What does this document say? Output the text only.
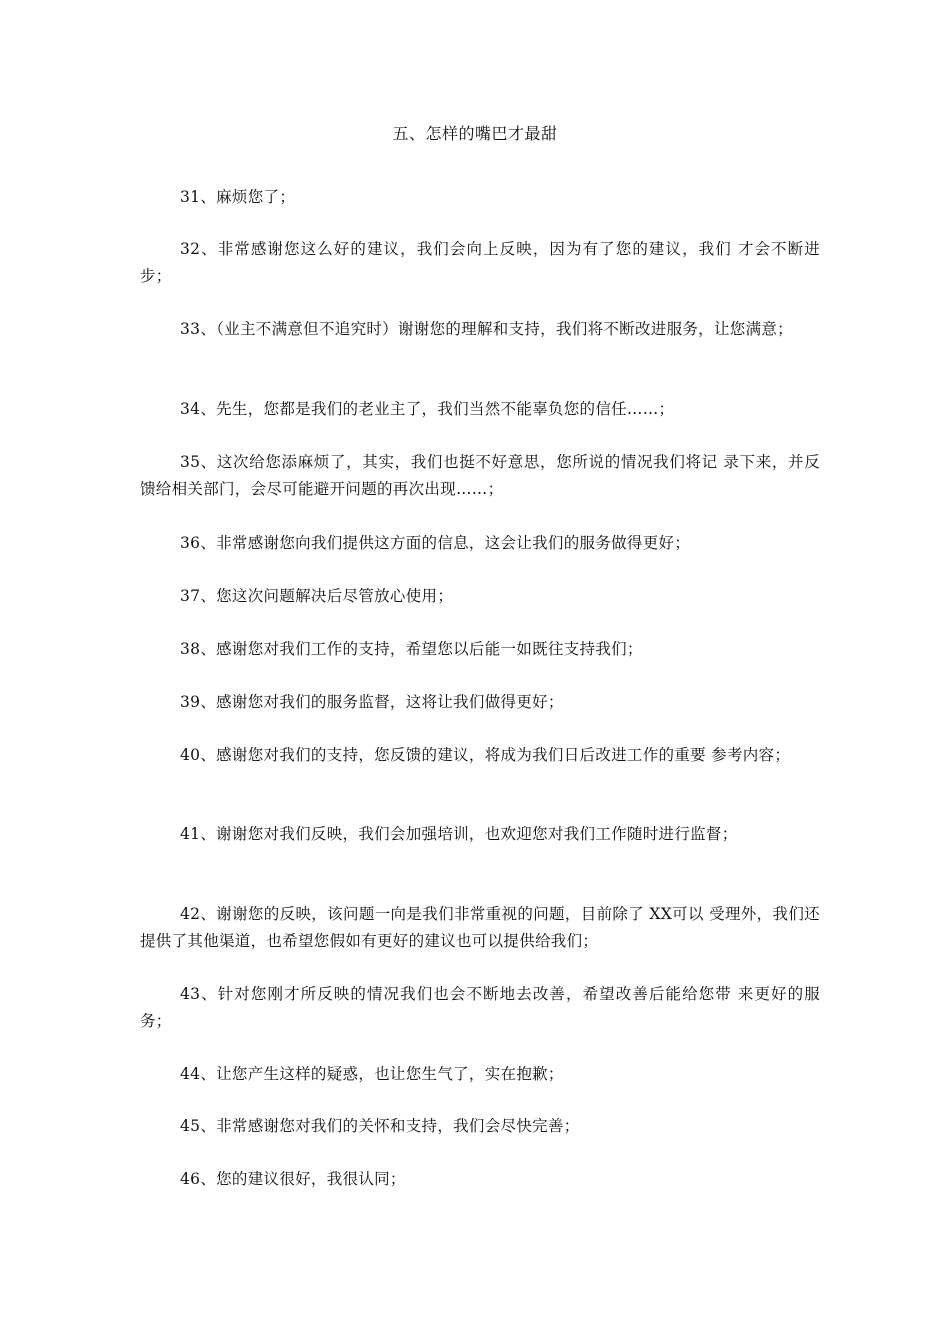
五、怎样的嘴巴才最甜
31、麻烦您了；
32、非常感谢您这么好的建议，我们会向上反映，因为有了您的建议，我们 才会不断进步；
33、（业主不满意但不追究时）谢谢您的理解和支持，我们将不断改进服务，让您满意；
34、先生，您都是我们的老业主了，我们当然不能辜负您的信任……；
35、这次给您添麻烦了，其实，我们也挺不好意思，您所说的情况我们将记 录下来，并反馈给相关部门，会尽可能避开问题的再次出现……；
36、非常感谢您向我们提供这方面的信息，这会让我们的服务做得更好；
37、您这次问题解决后尽管放心使用；
38、感谢您对我们工作的支持，希望您以后能一如既往支持我们；
39、感谢您对我们的服务监督，这将让我们做得更好；
40、感谢您对我们的支持，您反馈的建议，将成为我们日后改进工作的重要 参考内容；
41、谢谢您对我们反映，我们会加强培训，也欢迎您对我们工作随时进行监督；
42、谢谢您的反映，该问题一向是我们非常重视的问题，目前除了 XX可以 受理外，我们还提供了其他渠道，也希望您假如有更好的建议也可以提供给我们；
43、针对您刚才所反映的情况我们也会不断地去改善，希望改善后能给您带 来更好的服务；
44、让您产生这样的疑惑，也让您生气了，实在抱歉；
45、非常感谢您对我们的关怀和支持，我们会尽快完善；
46、您的建议很好，我很认同；
